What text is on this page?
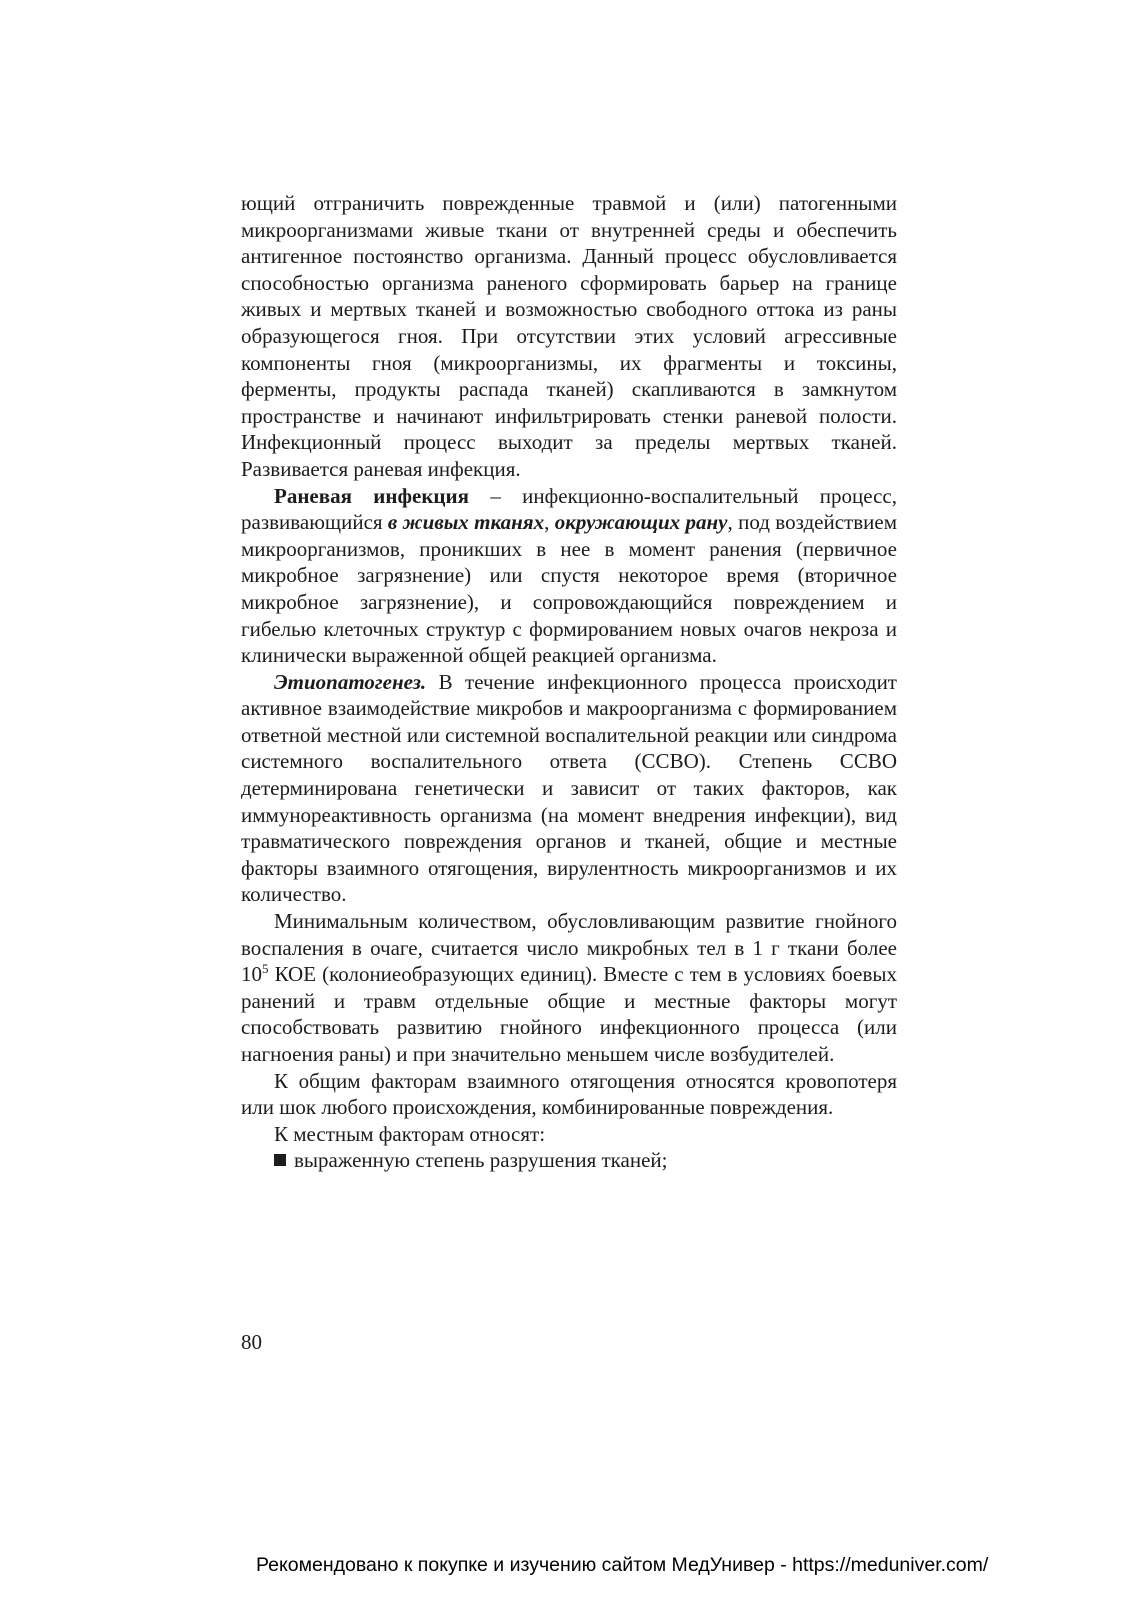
ющий отграничить поврежденные травмой и (или) патогенными микроорганизмами живые ткани от внутренней среды и обеспечить антигенное постоянство организма. Данный процесс обусловливается способностью организма раненого сформировать барьер на границе живых и мертвых тканей и возможностью свободного оттока из раны образующегося гноя. При отсутствии этих условий агрессивные компоненты гноя (микроорганизмы, их фрагменты и токсины, ферменты, продукты распада тканей) скапливаются в замкнутом пространстве и начинают инфильтрировать стенки раневой полости. Инфекционный процесс выходит за пределы мертвых тканей. Развивается раневая инфекция.

Раневая инфекция – инфекционно-воспалительный процесс, развивающийся в живых тканях, окружающих рану, под воздействием микроорганизмов, проникших в нее в момент ранения (первичное микробное загрязнение) или спустя некоторое время (вторичное микробное загрязнение), и сопровождающийся повреждением и гибелью клеточных структур с формированием новых очагов некроза и клинически выраженной общей реакцией организма.

Этиопатогенез. В течение инфекционного процесса происходит активное взаимодействие микробов и макроорганизма с формированием ответной местной или системной воспалительной реакции или синдрома системного воспалительного ответа (ССВО). Степень ССВО детерминирована генетически и зависит от таких факторов, как иммунореактивность организма (на момент внедрения инфекции), вид травматического повреждения органов и тканей, общие и местные факторы взаимного отягощения, вирулентность микроорганизмов и их количество.

Минимальным количеством, обусловливающим развитие гнойного воспаления в очаге, считается число микробных тел в 1 г ткани более $10^5$ КОЕ (колониеобразующих единиц). Вместе с тем в условиях боевых ранений и травм отдельные общие и местные факторы могут способствовать развитию гнойного инфекционного процесса (или нагноения раны) и при значительно меньшем числе возбудителей.

К общим факторам взаимного отягощения относятся кровопотеря или шок любого происхождения, комбинированные повреждения.

К местным факторам относят:

выраженную степень разрушения тканей;
80
Рекомендовано к покупке и изучению сайтом МедУнивер - https://meduniver.com/
